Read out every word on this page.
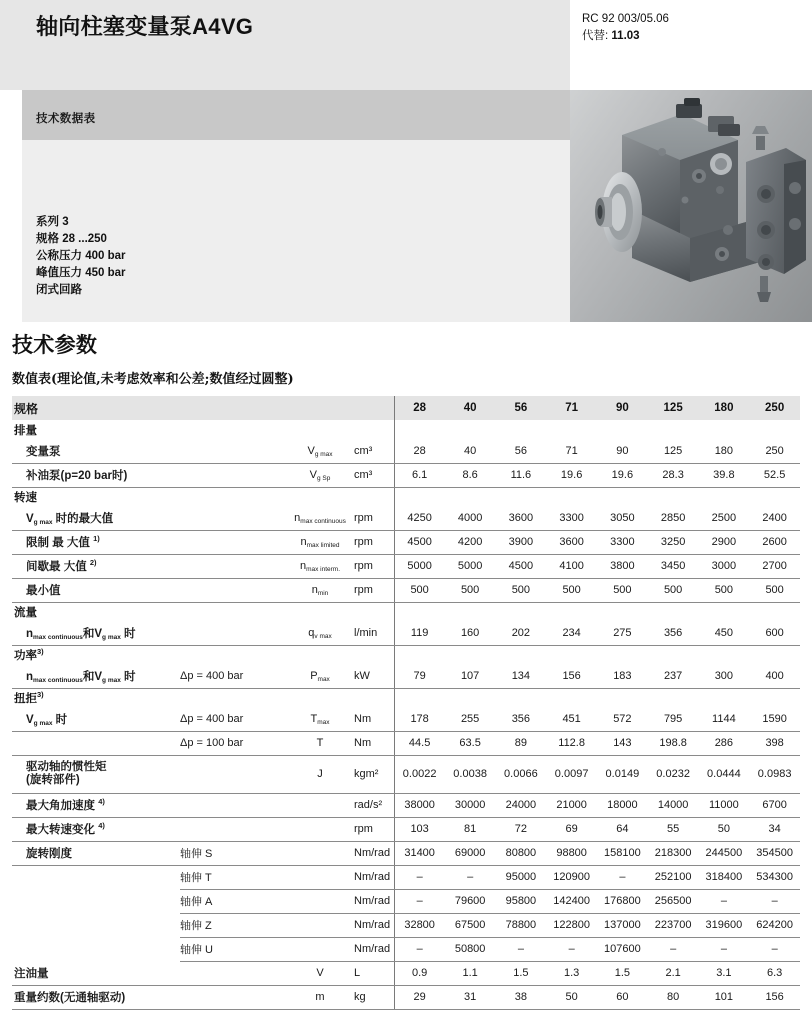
轴向柱塞变量泵A4VG	RC 92 003/05.06
代替: 11.03
技术数据表
系列 3
规格 28 ...250
公称压力 400 bar
峰值压力 450 bar
闭式回路
技术参数
数值表(理论值,未考虑效率和公差;数值经过圆整)
规格				28	40	56	71	90	125	180	250
排量											
变量泵		$V_{g max}$	cm³	28	40	56	71	90	125	180	250
补油泵(p=20 bar时)		$V_{g Sp}$	cm³	6.1	8.6	11.6	19.6	19.6	28.3	39.8	52.5
转速											
$V_{g max}$ 时的最大值		$n_{max continuous}$	rpm	4250	4000	3600	3300	3050	2850	2500	2400
限制 最 大值 $^{1)}$		$n_{max limited}$	rpm	4500	4200	3900	3600	3300	3250	2900	2600
间歇最 大值 $^{2)}$		$n_{max interm.}$	rpm	5000	5000	4500	4100	3800	3450	3000	2700
最小值		$n_{min}$	rpm	500	500	500	500	500	500	500	500
流量											
$n_{max continuous}$和$V_{g max}$ 时		$q_{v max}$	l/min	119	160	202	234	275	356	450	600
功率$^{3)}$											
$n_{max continuous}$和$V_{g max}$ 时	Δp = 400 bar	$P_{max}$	kW	79	107	134	156	183	237	300	400
扭拒$^{3)}$											
$V_{g max}$ 时	Δp = 400 bar	$T_{max}$	Nm	178	255	356	451	572	795	1144	1590
	Δp = 100 bar	T	Nm	44.5	63.5	89	112.8	143	198.8	286	398

驱动轴的惯性矩
(旋转部件)		J	kgm²	0.0022	0.0038	0.0066	0.0097	0.0149	0.0232	0.0444	0.0983
最大角加速度 $^{4)}$			rad/s²	38000	30000	24000	21000	18000	14000	11000	6700
最大转速变化 $^{4)}$			rpm	103	81	72	69	64	55	50	34
旋转刚度	轴伸 S		Nm/rad	31400	69000	80800	98800	158100	218300	244500	354500
	轴伸 T		Nm/rad	–	–	95000	120900	–	252100	318400	534300
	轴伸 A		Nm/rad	–	79600	95800	142400	176800	256500	–	–
	轴伸 Z		Nm/rad	32800	67500	78800	122800	137000	223700	319600	624200
	轴伸 U		Nm/rad	–	50800	–	–	107600	–	–	–
注油量		V	L	0.9	1.1	1.5	1.3	1.5	2.1	3.1	6.3
重量约数(无通轴驱动)		m	kg	29	31	38	50	60	80	101	156
